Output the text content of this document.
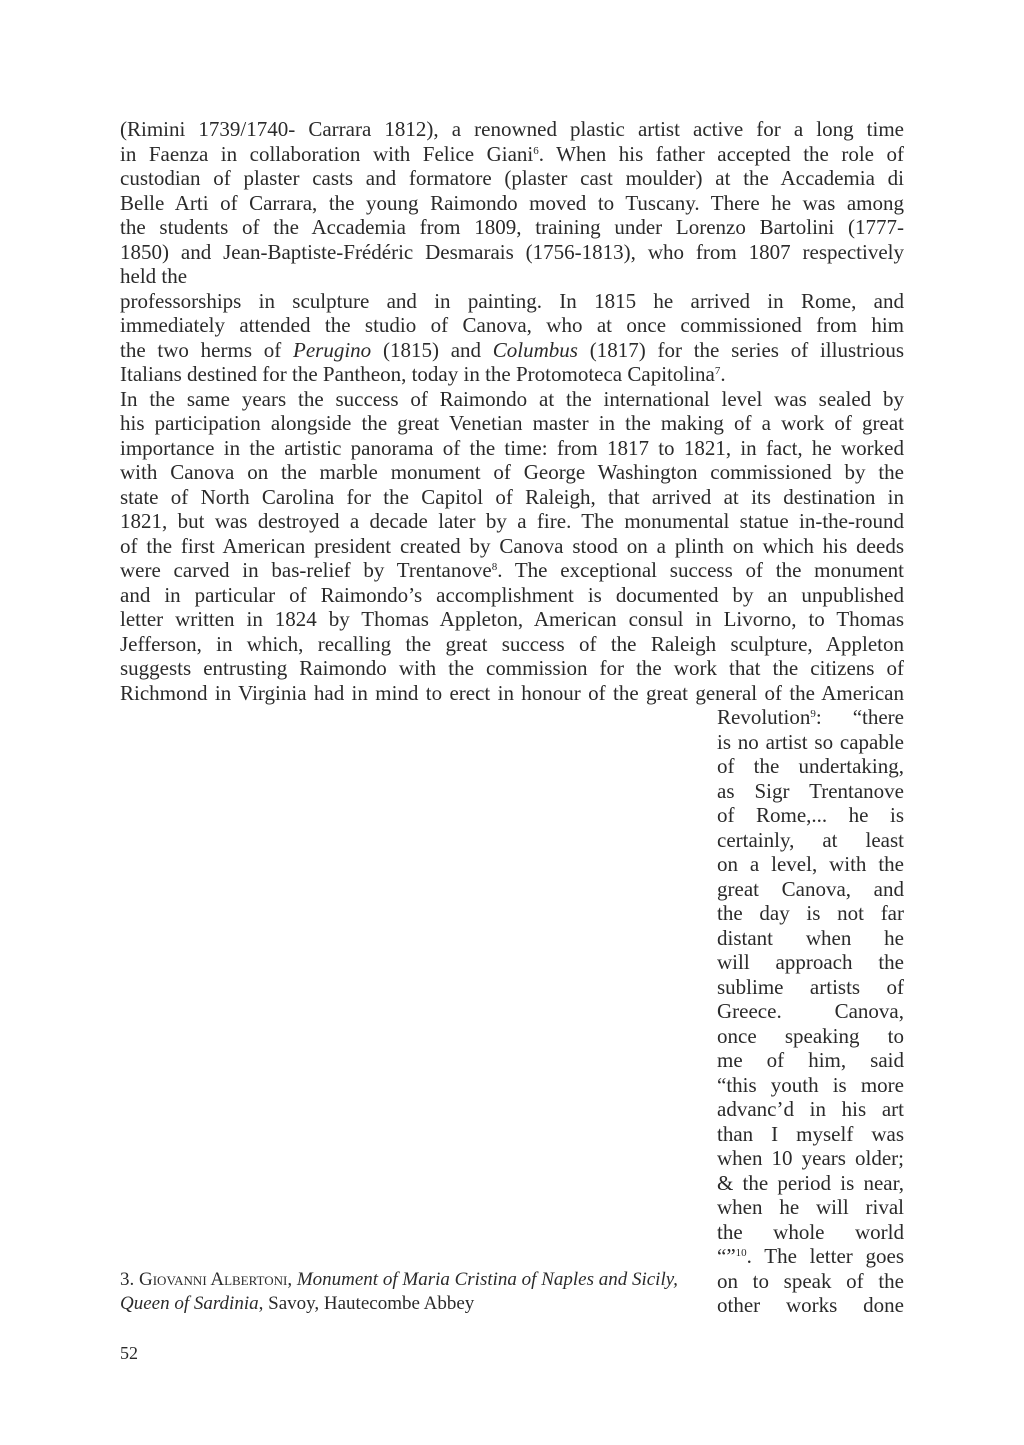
(Rimini 1739/1740- Carrara 1812), a renowned plastic artist active for a long time
in Faenza in collaboration with Felice Giani$^6$. When his father accepted the role of
custodian of plaster casts and formatore (plaster cast moulder) at the Accademia di
Belle Arti of Carrara, the young Raimondo moved to Tuscany. There he was among
the students of the Accademia from 1809, training under Lorenzo Bartolini (1777-
1850) and Jean-Baptiste-Frédéric Desmarais (1756-1813), who from 1807 respectively
held the
professorships in sculpture and in painting. In 1815 he arrived in Rome, and
immediately attended the studio of Canova, who at once commissioned from him
the two herms of Perugino (1815) and Columbus (1817) for the series of illustrious
Italians destined for the Pantheon, today in the Protomoteca Capitolina$^7$.
In the same years the success of Raimondo at the international level was sealed by
his participation alongside the great Venetian master in the making of a work of great
importance in the artistic panorama of the time: from 1817 to 1821, in fact, he worked
with Canova on the marble monument of George Washington commissioned by the
state of North Carolina for the Capitol of Raleigh, that arrived at its destination in
1821, but was destroyed a decade later by a fire. The monumental statue in-the-round
of the first American president created by Canova stood on a plinth on which his deeds
were carved in bas-relief by Trentanove$^8$. The exceptional success of the monument
and in particular of Raimondo’s accomplishment is documented by an unpublished
letter written in 1824 by Thomas Appleton, American consul in Livorno, to Thomas
Jefferson, in which, recalling the great success of the Raleigh sculpture, Appleton
suggests entrusting Raimondo with the commission for the work that the citizens of
Richmond in Virginia had in mind to erect in honour of the great general of the American
Revolution$^9$: “there
is no artist so capable
of the undertaking,
as Sigr Trentanove
of Rome,... he is
certainly, at least
on a level, with the
great Canova, and
the day is not far
distant when he
will approach the
sublime artists of
Greece. Canova,
once speaking to
me of him, said
“this youth is more
advanc’d in his art
than I myself was
when 10 years older;
& the period is near,
when he will rival
the whole world
“”$^{10}$. The letter goes
on to speak of the
other works done
3. Giovanni Albertoni, Monument of Maria Cristina of Naples and Sicily, Queen of Sardinia, Savoy, Hautecombe Abbey
52
